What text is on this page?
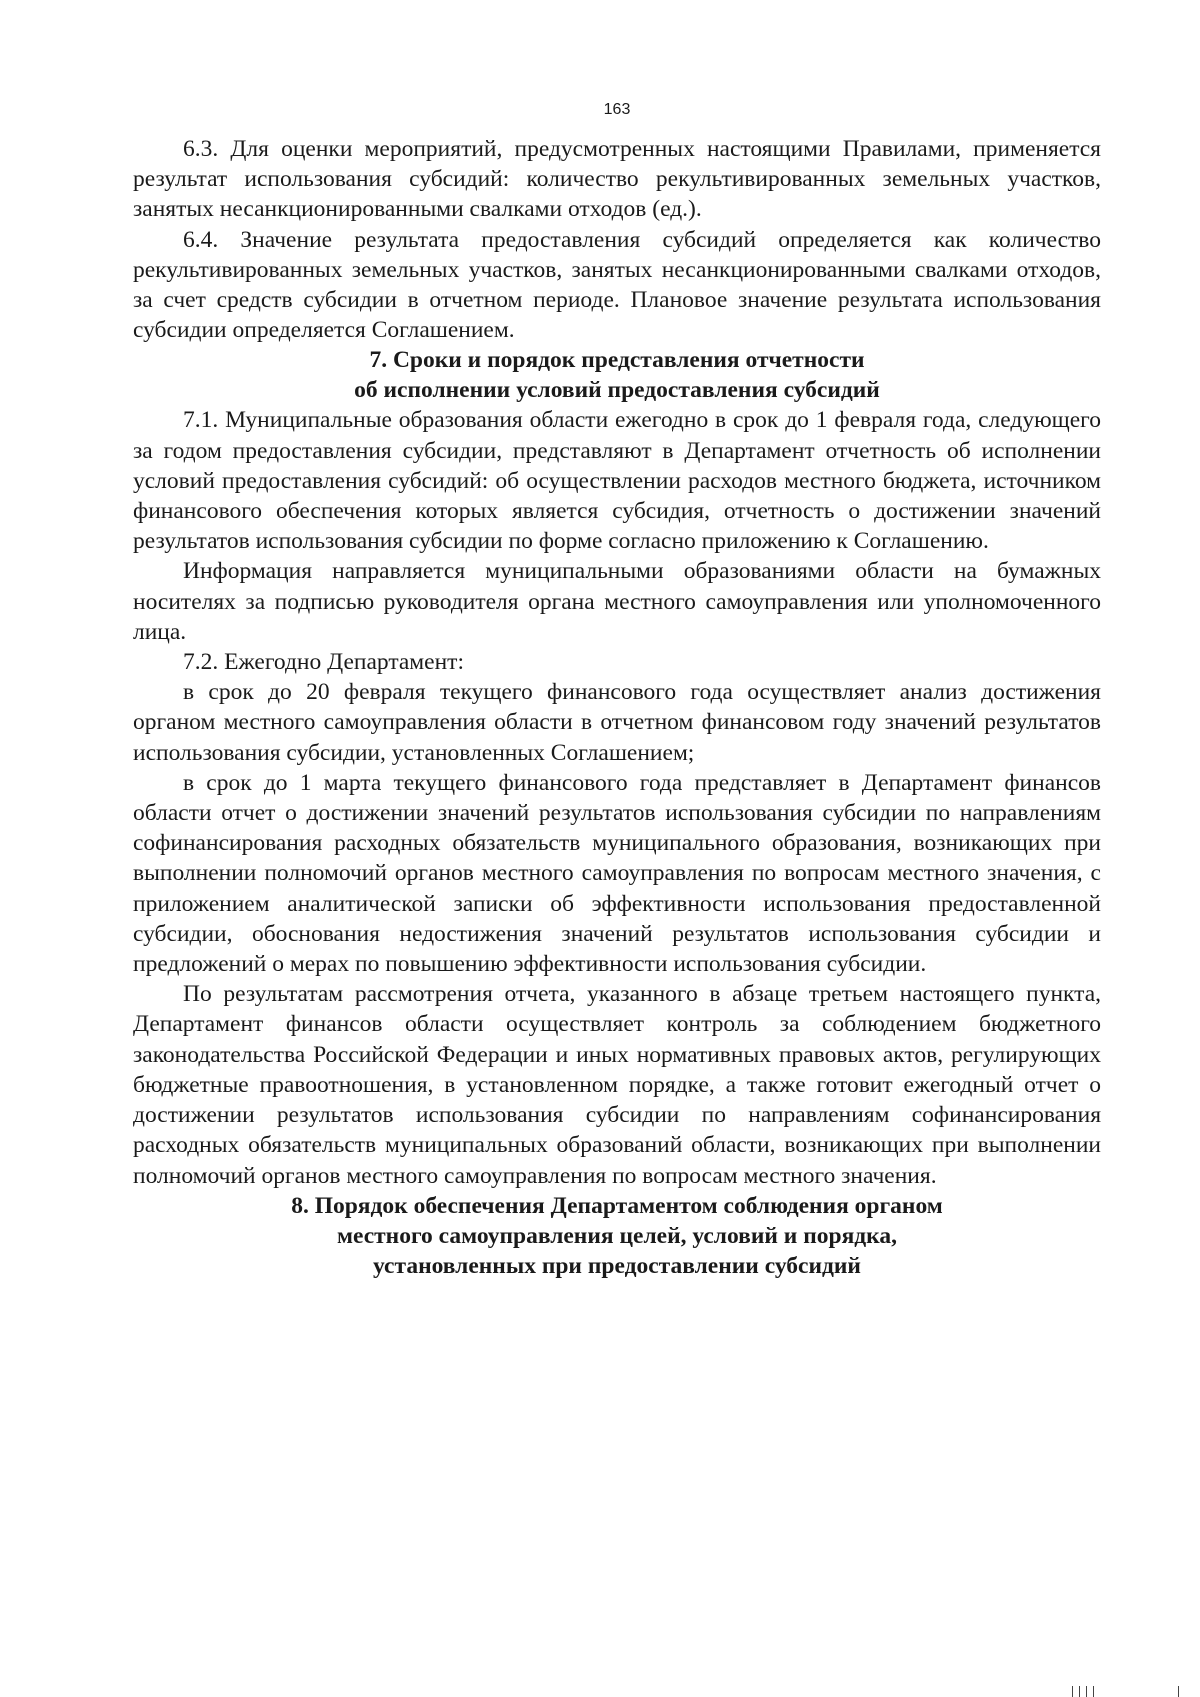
163

6.3. Для оценки мероприятий, предусмотренных настоящими Правилами, применяется результат использования субсидий: количество рекультивированных земельных участков, занятых несанкционированными свалками отходов (ед.).

6.4. Значение результата предоставления субсидий определяется как количество рекультивированных земельных участков, занятых несанкционированными свалками отходов, за счет средств субсидии в отчетном периоде. Плановое значение результата использования субсидии определяется Соглашением.

7. Сроки и порядок представления отчетности
об исполнении условий предоставления субсидий

7.1. Муниципальные образования области ежегодно в срок до 1 февраля года, следующего за годом предоставления субсидии, представляют в Департамент отчетность об исполнении условий предоставления субсидий: об осуществлении расходов местного бюджета, источником финансового обеспечения которых является субсидия, отчетность о достижении значений результатов использования субсидии по форме согласно приложению к Соглашению.

Информация направляется муниципальными образованиями области на бумажных носителях за подписью руководителя органа местного самоуправления или уполномоченного лица.

7.2. Ежегодно Департамент:

в срок до 20 февраля текущего финансового года осуществляет анализ достижения органом местного самоуправления области в отчетном финансовом году значений результатов использования субсидии, установленных Соглашением;

в срок до 1 марта текущего финансового года представляет в Департамент финансов области отчет о достижении значений результатов использования субсидии по направлениям софинансирования расходных обязательств муниципального образования, возникающих при выполнении полномочий органов местного самоуправления по вопросам местного значения, с приложением аналитической записки об эффективности использования предоставленной субсидии, обоснования недостижения значений результатов использования субсидии и предложений о мерах по повышению эффективности использования субсидии.

По результатам рассмотрения отчета, указанного в абзаце третьем настоящего пункта, Департамент финансов области осуществляет контроль за соблюдением бюджетного законодательства Российской Федерации и иных нормативных правовых актов, регулирующих бюджетные правоотношения, в установленном порядке, а также готовит ежегодный отчет о достижении результатов использования субсидии по направлениям софинансирования расходных обязательств муниципальных образований области, возникающих при выполнении полномочий органов местного самоуправления по вопросам местного значения.

8. Порядок обеспечения Департаментом соблюдения органом
местного самоуправления целей, условий и порядка,
установленных при предоставлении субсидий
